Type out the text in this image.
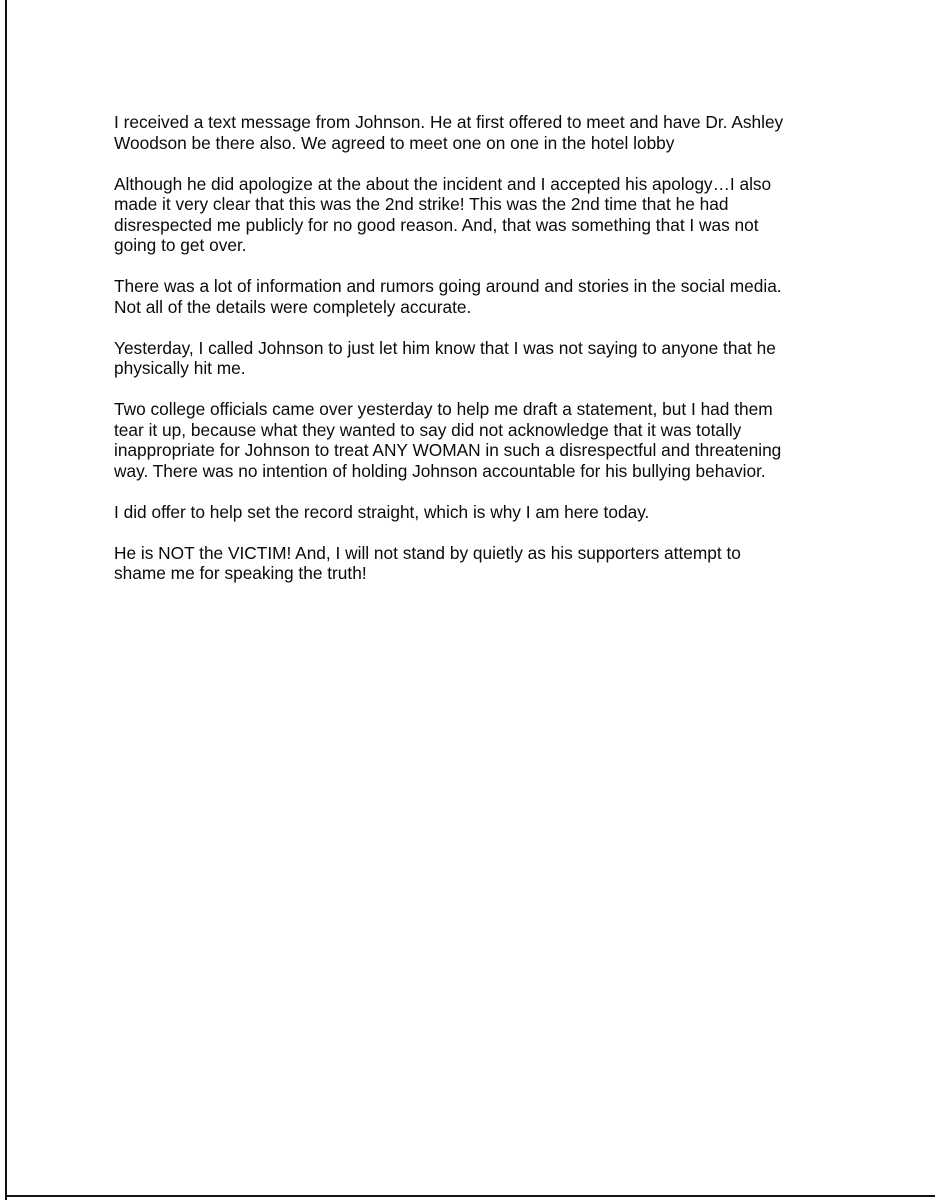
I received a text message from Johnson. He at first offered to meet and have Dr. Ashley
Woodson be there also. We agreed to meet one on one in the hotel lobby

Although he did apologize at the about the incident and I accepted his apology…I also
made it very clear that this was the 2nd strike! This was the 2nd time that he had
disrespected me publicly for no good reason. And, that was something that I was not
going to get over.

There was a lot of information and rumors going around and stories in the social media.
Not all of the details were completely accurate.

Yesterday, I called Johnson to just let him know that I was not saying to anyone that he
physically hit me.

Two college officials came over yesterday to help me draft a statement, but I had them
tear it up, because what they wanted to say did not acknowledge that it was totally
inappropriate for Johnson to treat ANY WOMAN in such a disrespectful and threatening
way. There was no intention of holding Johnson accountable for his bullying behavior.

I did offer to help set the record straight, which is why I am here today.

He is NOT the VICTIM! And, I will not stand by quietly as his supporters attempt to
shame me for speaking the truth!
